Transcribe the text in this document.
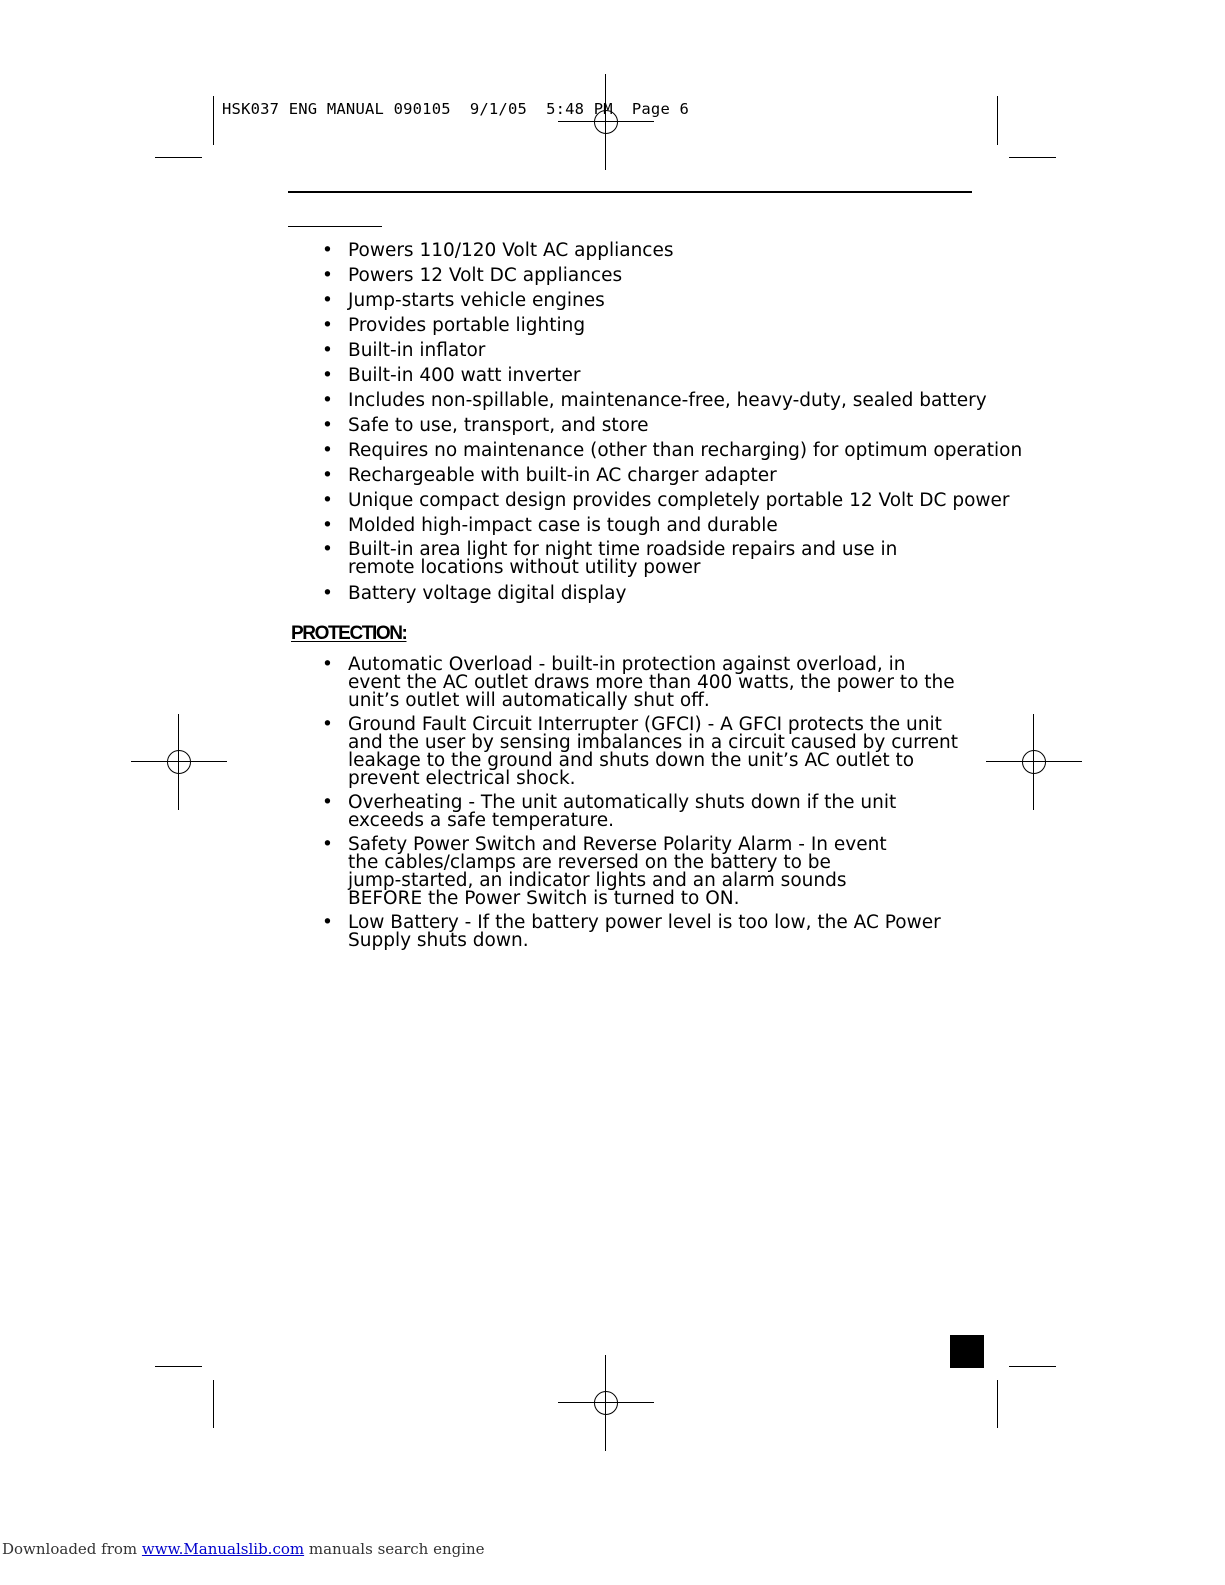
HSK037 ENG MANUAL 090105  9/1/05  5:48 PM  Page 6
• Powers 110/120 Volt AC appliances
• Powers 12 Volt DC appliances
• Jump-starts vehicle engines
• Provides portable lighting
• Built-in inflator
• Built-in 400 watt inverter
• Includes non-spillable, maintenance-free, heavy-duty, sealed battery
• Safe to use, transport, and store
• Requires no maintenance (other than recharging) for optimum operation
• Rechargeable with built-in AC charger adapter
• Unique compact design provides completely portable 12 Volt DC power
• Molded high-impact case is tough and durable
• Built-in area light for night time roadside repairs and use in remote locations without utility power
• Battery voltage digital display
PROTECTION:
• Automatic Overload - built-in protection against overload, in event the AC outlet draws more than 400 watts, the power to the unit’s outlet will automatically shut off.
• Ground Fault Circuit Interrupter (GFCI) - A GFCI protects the unit and the user by sensing imbalances in a circuit caused by current leakage to the ground and shuts down the unit’s AC outlet to prevent electrical shock.
• Overheating - The unit automatically shuts down if the unit exceeds a safe temperature.
• Safety Power Switch and Reverse Polarity Alarm - In event the cables/clamps are reversed on the battery to be jump-started, an indicator lights and an alarm sounds BEFORE the Power Switch is turned to ON.
• Low Battery - If the battery power level is too low, the AC Power Supply shuts down.
Downloaded from www.Manualslib.com manuals search engine
